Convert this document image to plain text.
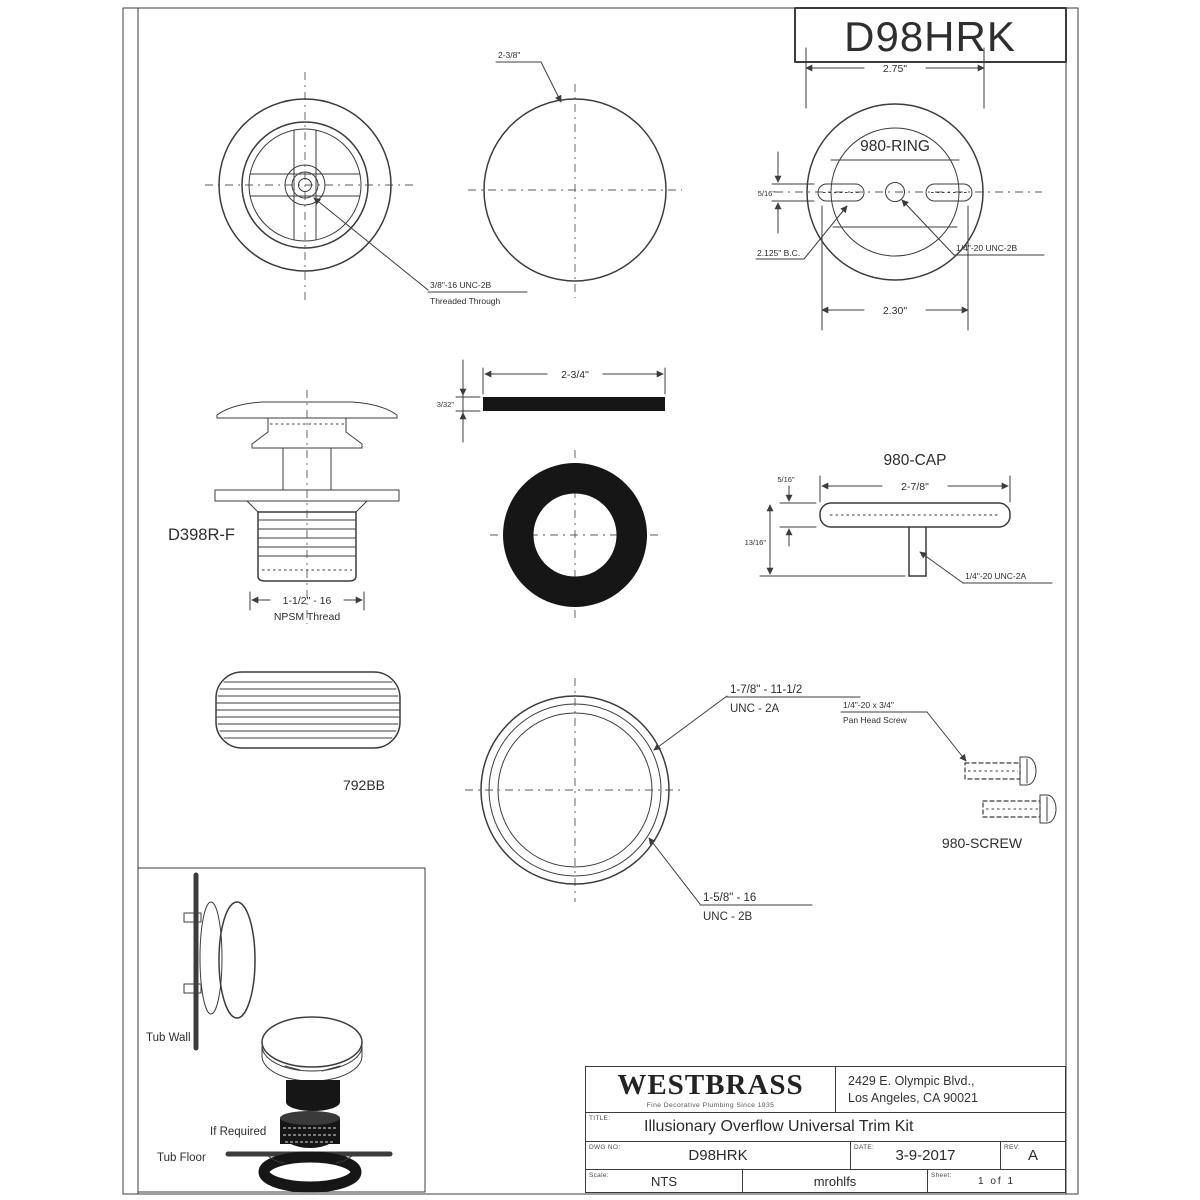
D98HRK
3/8"-16 UNC-2B
Threaded Through
2-3/8"
980-RING
2.75"
2.30"
5/16"
2.125" B.C.	1/4"-20 UNC-2B
D398R-F
1-1/2" - 16
NPSM Thread
2-3/4"
3/32"
980-CAP
2-7/8"
5/16"
13/16"
1/4"-20 UNC-2A
792BB
1-7/8" - 11-1/2
UNC - 2A
1-5/8" - 16
UNC - 2B
1/4"-20 x 3/4"
Pan Head Screw
980-SCREW
Tub Wall
If Required
Tub Floor
WESTBRASS
Fine Decorative Plumbing Since 1935
2429 E. Olympic Blvd.,
Los Angeles, CA 90021
TITLE: Illusionary Overflow Universal Trim Kit
DWG NO:	D98HRK	DATE: 3-9-2017	REV: A
Scale:	NTS	mrohlfs	Sheet:	1 of 1
